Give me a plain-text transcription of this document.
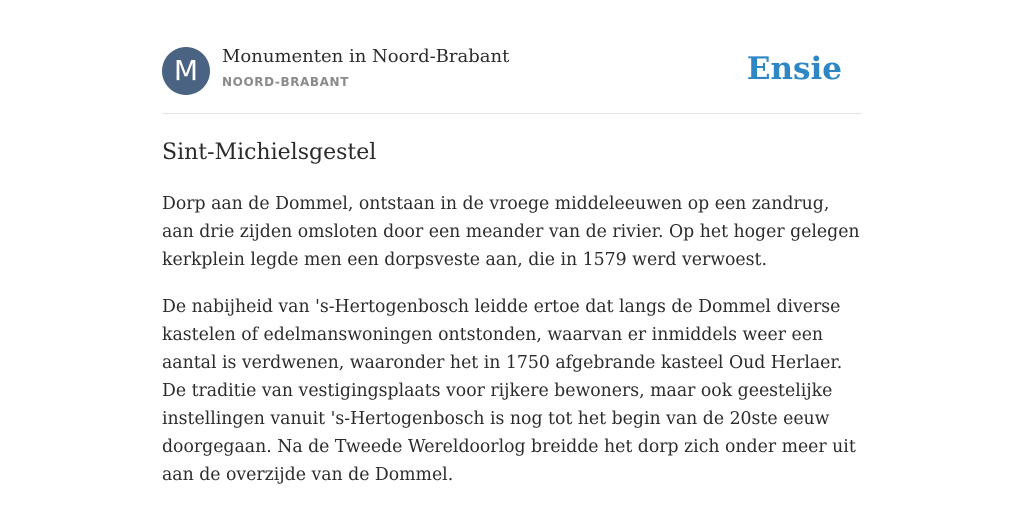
M	Monumenten in Noord-Brabant
NOORD-BRABANT	Ensie
Sint-Michielsgestel

Dorp aan de Dommel, ontstaan in de vroege middeleeuwen op een zandrug, aan drie zijden omsloten door een meander van de rivier. Op het hoger gelegen kerkplein legde men een dorpsveste aan, die in 1579 werd verwoest.

De nabijheid van 's-Hertogenbosch leidde ertoe dat langs de Dommel diverse kastelen of edelmanswoningen ontstonden, waarvan er inmiddels weer een aantal is verdwenen, waaronder het in 1750 afgebrande kasteel Oud Herlaer. De traditie van vestigingsplaats voor rijkere bewoners, maar ook geestelijke instellingen vanuit 's-Hertogenbosch is nog tot het begin van de 20ste eeuw doorgegaan. Na de Tweede Wereldoorlog breidde het dorp zich onder meer uit aan de overzijde van de Dommel.
